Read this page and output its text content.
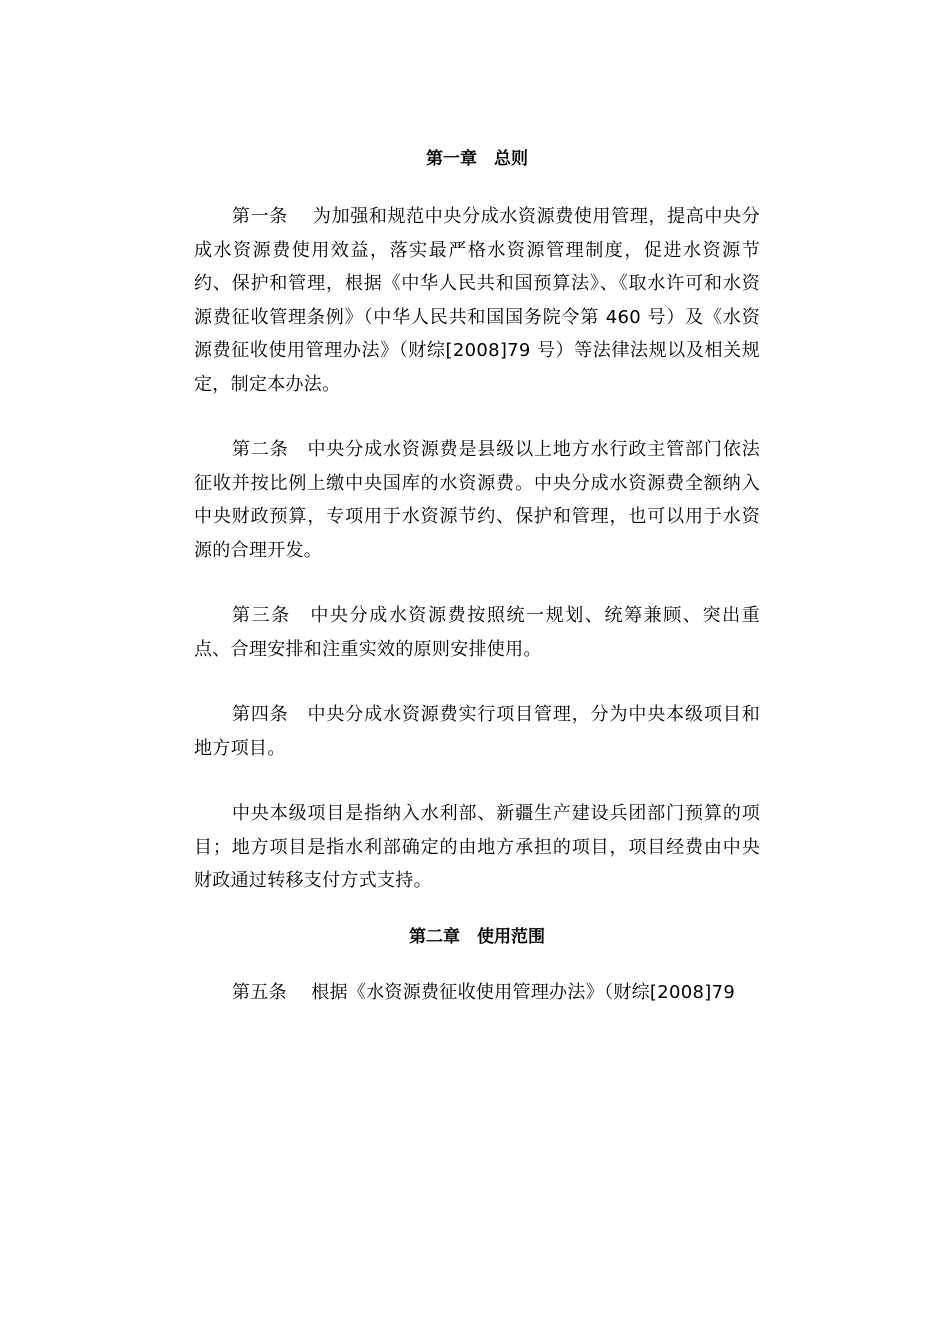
第一章　总则

第一条　 为加强和规范中央分成水资源费使用管理，提高中央分成水资源费使用效益，落实最严格水资源管理制度，促进水资源节约、保护和管理，根据《中华人民共和国预算法》、《取水许可和水资源费征收管理条例》（中华人民共和国国务院令第 460 号）及《水资源费征收使用管理办法》（财综[2008]79 号）等法律法规以及相关规定，制定本办法。

第二条　中央分成水资源费是县级以上地方水行政主管部门依法征收并按比例上缴中央国库的水资源费。中央分成水资源费全额纳入中央财政预算，专项用于水资源节约、保护和管理，也可以用于水资源的合理开发。

第三条　中央分成水资源费按照统一规划、统筹兼顾、突出重点、合理安排和注重实效的原则安排使用。

第四条　中央分成水资源费实行项目管理，分为中央本级项目和地方项目。

中央本级项目是指纳入水利部、新疆生产建设兵团部门预算的项目；地方项目是指水利部确定的由地方承担的项目，项目经费由中央财政通过转移支付方式支持。

第二章　使用范围

第五条　 根据《水资源费征收使用管理办法》（财综[2008]79
